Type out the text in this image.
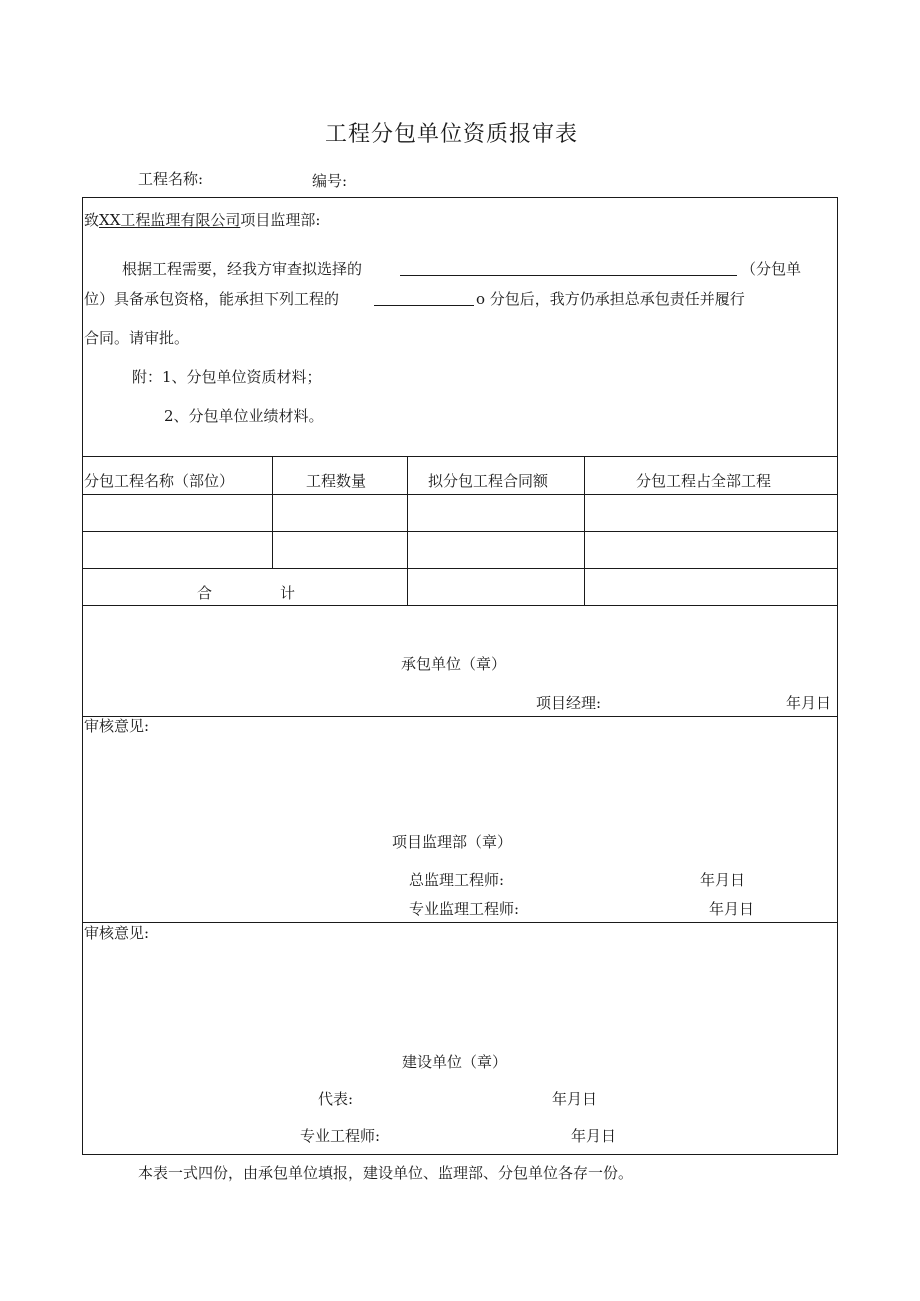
工程分包单位资质报审表
工程名称:	编号:
致XX工程监理有限公司项目监理部:
根据工程需要，经我方审查拟选择的	（分包单
位）具备承包资格，能承担下列工程的	o 分包后，我方仍承担总承包责任并履行
合同。请审批。
附：1、分包单位资质材料；
2、分包单位业绩材料。
分包工程名称（部位）	工程数量	拟分包工程合同额	分包工程占全部工程
合	计
承包单位（章）
项目经理:	年月日
审核意见:
项目监理部（章）
总监理工程师:	年月日
专业监理工程师:	年月日
审核意见:
建设单位（章）
代表:	年月日
专业工程师:	年月日
本表一式四份，由承包单位填报，建设单位、监理部、分包单位各存一份。
